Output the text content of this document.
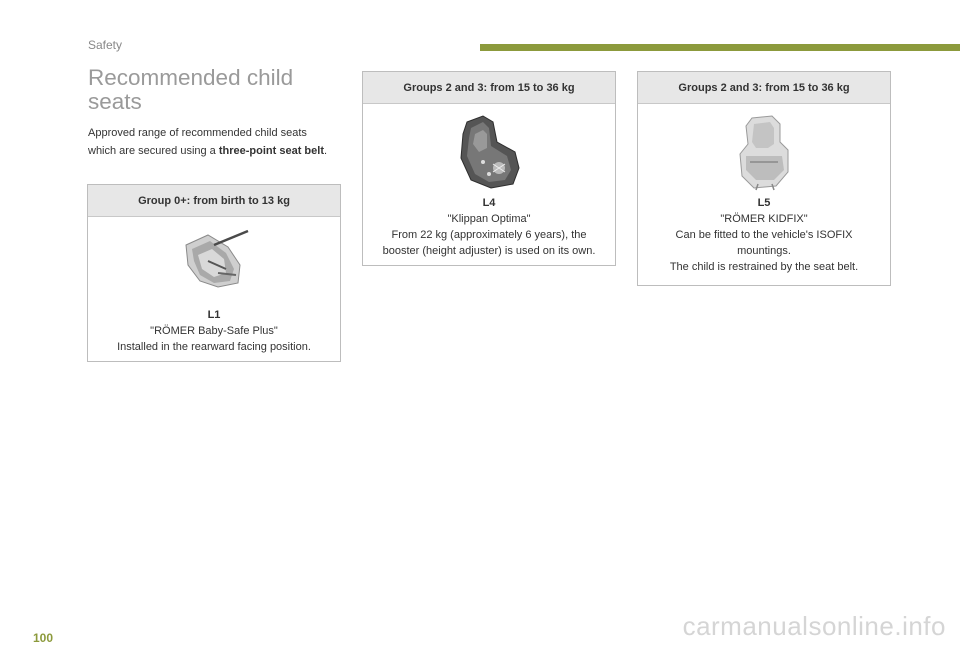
Safety
Recommended child
seats
Approved range of recommended child seats which are secured using a three-point seat belt.
Group 0+: from birth to 13 kg
L1
"RÖMER Baby-Safe Plus"
Installed in the rearward facing position.
Groups 2 and 3: from 15 to 36 kg
L4
"Klippan Optima"
From 22 kg (approximately 6 years), the
booster (height adjuster) is used on its own.
Groups 2 and 3: from 15 to 36 kg
L5
"RÖMER KIDFIX"
Can be fitted to the vehicle's ISOFIX
mountings.
The child is restrained by the seat belt.
100	carmanualsonline.info
